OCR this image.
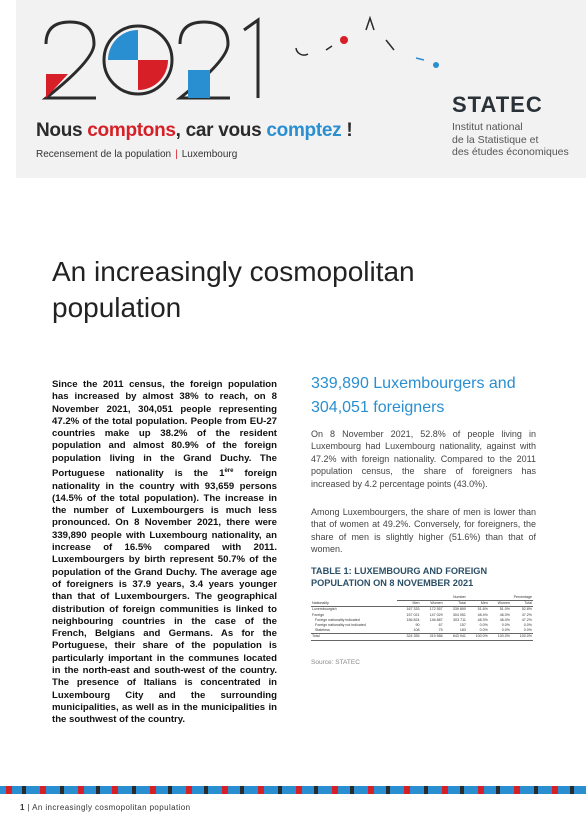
Nous comptons, car vous comptez !
Recensement de la population | Luxembourg
STATEC
Institut national
de la Statistique et
des études économiques
An increasingly cosmopolitan population

Since the 2011 census, the foreign population has increased by almost 38% to reach, on 8 November 2021, 304,051 people representing 47.2% of the total population. People from EU-27 countries make up 38.2% of the resident population and almost 80.9% of the foreign population living in the Grand Duchy. The Portuguese nationality is the 1ère foreign nationality in the country with 93,659 persons (14.5% of the total population). The increase in the number of Luxembourgers is much less pronounced. On 8 November 2021, there were 339,890 people with Luxembourg nationality, an increase of 16.5% compared with 2011. Luxembourgers by birth represent 50.7% of the population of the Grand Duchy. The average age of foreigners is 37.9 years, 3.4 years younger than that of Luxembourgers. The geographical distribution of foreign communities is linked to neighbouring countries in the case of the French, Belgians and Germans. As for the Portuguese, their share of the population is particularly important in the communes located in the north-east and south-west of the country. The presence of Italians is concentrated in Luxembourg City and the surrounding municipalities, as well as in the municipalities in the southwest of the country.

339,890 Luxembourgers and 304,051 foreigners

On 8 November 2021, 52.8% of people living in Luxembourg had Luxembourg nationality, against with 47.2% with foreign nationality. Compared to the 2011 population census, the share of foreigners has increased by 4.2 percentage points (43.0%).

Among Luxembourgers, the share of men is lower than that of women at 49.2%. Conversely, for foreigners, the share of men is slightly higher (51.6%) than that of women.

TABLE 1: LUXEMBOURG AND FOREIGN POPULATION ON 8 NOVEMBER 2021
	Number			Percentage		
Nationality	Men	Women	Total	Men	Women	Total
Luxembourgish	167 333	172 557	339 890	51.6%	51.0%	52.8%
Foreign	157 021	147 029	304 051	48.4%	46.0%	47.2%
Foreign nationality indicated	156 824	146 887	303 711	48.3%	46.0%	47.2%
Foreign nationality not indicated	90	67	157	0.0%	0.0%	0.0%
Stateless	108	75	183	0.0%	0.0%	0.0%
Total	324 355	319 586	643 941	100.0%	100.0%	100.0%
Source: STATEC
1 | An increasingly cosmopolitan population
